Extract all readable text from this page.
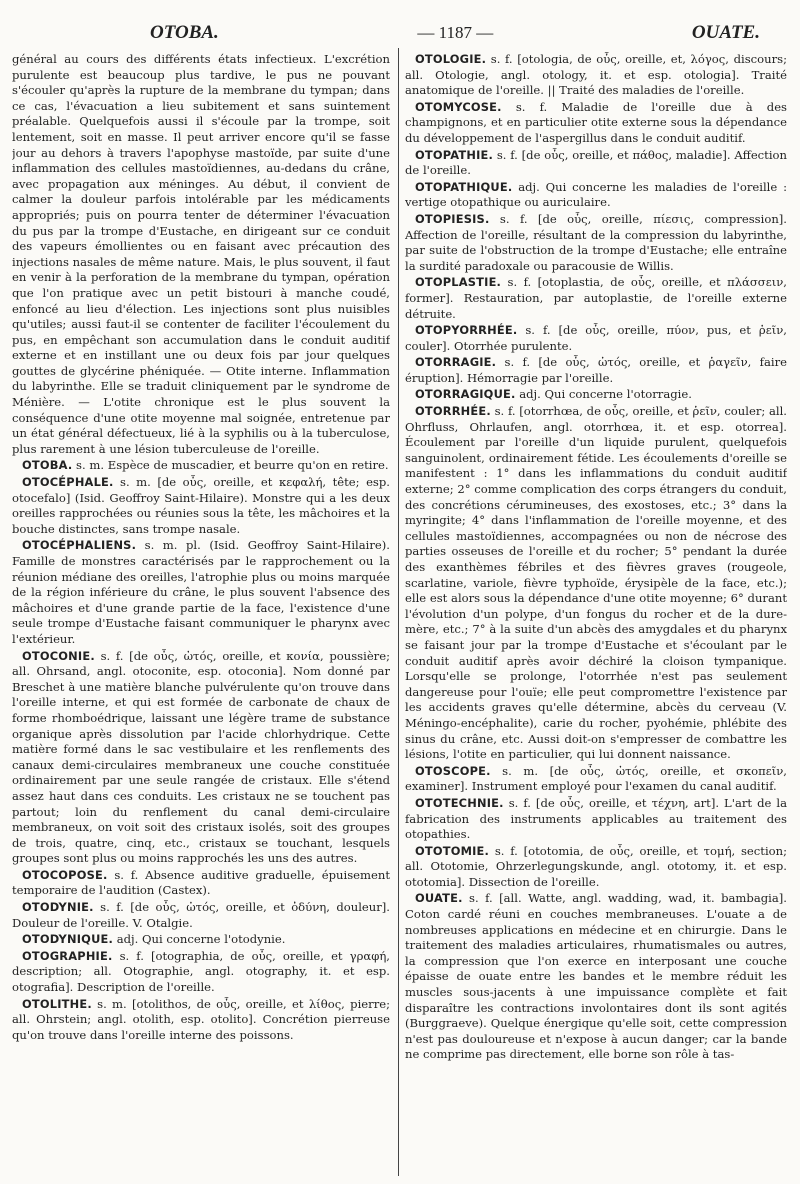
OTOBA.	— 1187 —	OUATE.

général au cours des différents états infectieux. L'excrétion purulente est beaucoup plus tardive, le pus ne pouvant s'écouler qu'après la rupture de la membrane du tympan; dans ce cas, l'évacuation a lieu subitement et sans suintement préalable. Quelquefois aussi il s'écoule par la trompe, soit lentement, soit en masse. Il peut arriver encore qu'il se fasse jour au dehors à travers l'apophyse mastoïde, par suite d'une inflammation des cellules mastoïdiennes, au-dedans du crâne, avec propagation aux méninges. Au début, il convient de calmer la douleur parfois intolérable par les médicaments appropriés; puis on pourra tenter de déterminer l'évacuation du pus par la trompe d'Eustache, en dirigeant sur ce conduit des vapeurs émollientes ou en faisant avec précaution des injections nasales de même nature. Mais, le plus souvent, il faut en venir à la perforation de la membrane du tympan, opération que l'on pratique avec un petit bistouri à manche coudé, enfoncé au lieu d'élection. Les injections sont plus nuisibles qu'utiles; aussi faut-il se contenter de faciliter l'écoulement du pus, en empêchant son accumulation dans le conduit auditif externe et en instillant une ou deux fois par jour quelques gouttes de glycérine phéniquée. — Otite interne. Inflammation du labyrinthe. Elle se traduit cliniquement par le syndrome de Ménière. — L'otite chronique est le plus souvent la conséquence d'une otite moyenne mal soignée, entretenue par un état général défectueux, lié à la syphilis ou à la tuberculose, plus rarement à une lésion tuberculeuse de l'oreille.

OTOBA. s. m. Espèce de muscadier, et beurre qu'on en retire.

OTOCÉPHALE. s. m. [de οὖς, oreille, et κεφαλή, tête; esp. otocefalo] (Isid. Geoffroy Saint-Hilaire). Monstre qui a les deux oreilles rapprochées ou réunies sous la tête, les mâchoires et la bouche distinctes, sans trompe nasale.

OTOCÉPHALIENS. s. m. pl. (Isid. Geoffroy Saint-Hilaire). Famille de monstres caractérisés par le rapprochement ou la réunion médiane des oreilles, l'atrophie plus ou moins marquée de la région inférieure du crâne, le plus souvent l'absence des mâchoires et d'une grande partie de la face, l'existence d'une seule trompe d'Eustache faisant communiquer le pharynx avec l'extérieur.

OTOCONIE. s. f. [de οὖς, ὠτός, oreille, et κονία, poussière; all. Ohrsand, angl. otoconite, esp. otoconia]. Nom donné par Breschet à une matière blanche pulvérulente qu'on trouve dans l'oreille interne, et qui est formée de carbonate de chaux de forme rhomboédrique, laissant une légère trame de substance organique après dissolution par l'acide chlorhydrique. Cette matière formé dans le sac vestibulaire et les renflements des canaux demi-circulaires membraneux une couche constituée ordinairement par une seule rangée de cristaux. Elle s'étend assez haut dans ces conduits. Les cristaux ne se touchent pas partout; loin du renflement du canal demi-circulaire membraneux, on voit soit des cristaux isolés, soit des groupes de trois, quatre, cinq, etc., cristaux se touchant, lesquels groupes sont plus ou moins rapprochés les uns des autres.

OTOCOPOSE. s. f. Absence auditive graduelle, épuisement temporaire de l'audition (Castex).

OTODYNIE. s. f. [de οὖς, ὠτός, oreille, et ὀδύνη, douleur]. Douleur de l'oreille. V. Otalgie.

OTODYNIQUE. adj. Qui concerne l'otodynie.

OTOGRAPHIE. s. f. [otographia, de οὖς, oreille, et γραφή, description; all. Otographie, angl. otography, it. et esp. otografia]. Description de l'oreille.

OTOLITHE. s. m. [otolithos, de οὖς, oreille, et λίθος, pierre; all. Ohrstein; angl. otolith, esp. otolito]. Concrétion pierreuse qu'on trouve dans l'oreille interne des poissons.

OTOLOGIE. s. f. [otologia, de οὖς, oreille, et, λόγος, discours; all. Otologie, angl. otology, it. et esp. otologia]. Traité anatomique de l'oreille. || Traité des maladies de l'oreille.

OTOMYCOSE. s. f. Maladie de l'oreille due à des champignons, et en particulier otite externe sous la dépendance du développement de l'aspergillus dans le conduit auditif.

OTOPATHIE. s. f. [de οὖς, oreille, et πάθος, maladie]. Affection de l'oreille.

OTOPATHIQUE. adj. Qui concerne les maladies de l'oreille : vertige otopathique ou auriculaire.

OTOPIESIS. s. f. [de οὖς, oreille, πίεσις, compression]. Affection de l'oreille, résultant de la compression du labyrinthe, par suite de l'obstruction de la trompe d'Eustache; elle entraîne la surdité paradoxale ou paracousie de Willis.

OTOPLASTIE. s. f. [otoplastia, de οὖς, oreille, et πλάσσειν, former]. Restauration, par autoplastie, de l'oreille externe détruite.

OTOPYORRHÉE. s. f. [de οὖς, oreille, πύον, pus, et ῥεῖν, couler]. Otorrhée purulente.

OTORRAGIE. s. f. [de οὖς, ὠτός, oreille, et ῥαγεῖν, faire éruption]. Hémorragie par l'oreille.

OTORRAGIQUE. adj. Qui concerne l'otorragie.

OTORRHÉE. s. f. [otorrhœa, de οὖς, oreille, et ῥεῖν, couler; all. Ohrfluss, Ohrlaufen, angl. otorrhœa, it. et esp. otorrea]. Écoulement par l'oreille d'un liquide purulent, quelquefois sanguinolent, ordinairement fétide. Les écoulements d'oreille se manifestent : 1° dans les inflammations du conduit auditif externe; 2° comme complication des corps étrangers du conduit, des concrétions cérumineuses, des exostoses, etc.; 3° dans la myringite; 4° dans l'inflammation de l'oreille moyenne, et des cellules mastoïdiennes, accompagnées ou non de nécrose des parties osseuses de l'oreille et du rocher; 5° pendant la durée des exanthèmes fébriles et des fièvres graves (rougeole, scarlatine, variole, fièvre typhoïde, érysipèle de la face, etc.); elle est alors sous la dépendance d'une otite moyenne; 6° durant l'évolution d'un polype, d'un fongus du rocher et de la dure-mère, etc.; 7° à la suite d'un abcès des amygdales et du pharynx se faisant jour par la trompe d'Eustache et s'écoulant par le conduit auditif après avoir déchiré la cloison tympanique. Lorsqu'elle se prolonge, l'otorrhée n'est pas seulement dangereuse pour l'ouïe; elle peut compromettre l'existence par les accidents graves qu'elle détermine, abcès du cerveau (V. Méningo-encéphalite), carie du rocher, pyohémie, phlébite des sinus du crâne, etc. Aussi doit-on s'empresser de combattre les lésions, l'otite en particulier, qui lui donnent naissance.

OTOSCOPE. s. m. [de οὖς, ὠτός, oreille, et σκοπεῖν, examiner]. Instrument employé pour l'examen du canal auditif.

OTOTECHNIE. s. f. [de οὖς, oreille, et τέχνη, art]. L'art de la fabrication des instruments applicables au traitement des otopathies.

OTOTOMIE. s. f. [ototomia, de οὖς, oreille, et τομή, section; all. Ototomie, Ohrzerlegungskunde, angl. ototomy, it. et esp. ototomia]. Dissection de l'oreille.

OUATE. s. f. [all. Watte, angl. wadding, wad, it. bambagia]. Coton cardé réuni en couches membraneuses. L'ouate a de nombreuses applications en médecine et en chirurgie. Dans le traitement des maladies articulaires, rhumatismales ou autres, la compression que l'on exerce en interposant une couche épaisse de ouate entre les bandes et le membre réduit les muscles sous-jacents à une impuissance complète et fait disparaître les contractions involontaires dont ils sont agités (Burggraeve). Quelque énergique qu'elle soit, cette compression n'est pas douloureuse et n'expose à aucun danger; car la bande ne comprime pas directement, elle borne son rôle à tas-
